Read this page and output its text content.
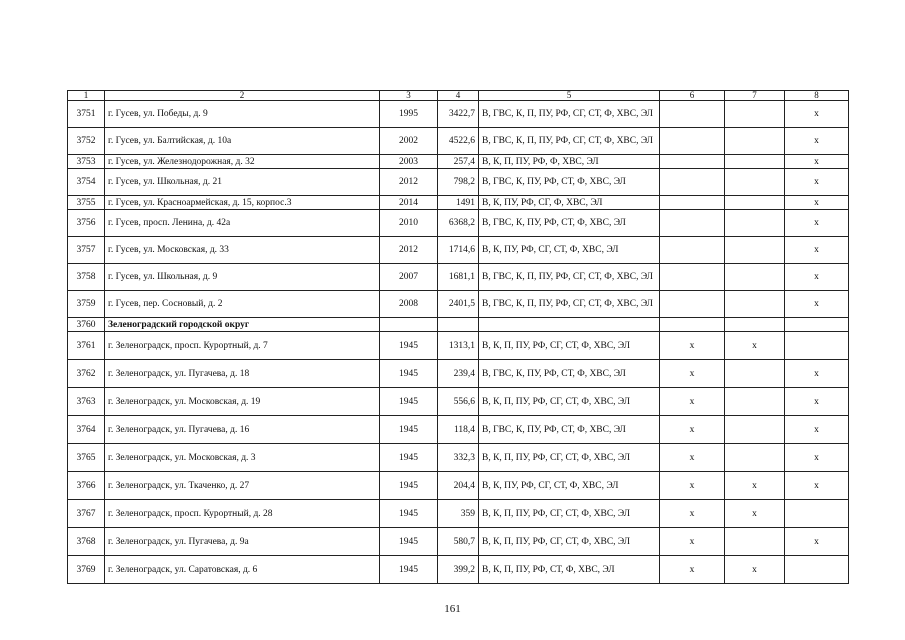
1	2	3	4	5	6	7	8
3751	г. Гусев, ул. Победы, д. 9	1995	3422,7	В, ГВС, К, П, ПУ, РФ, СГ, СТ, Ф, ХВС, ЭЛ			х
3752	г. Гусев, ул. Балтийская, д. 10а	2002	4522,6	В, ГВС, К, П, ПУ, РФ, СГ, СТ, Ф, ХВС, ЭЛ			х
3753	г. Гусев, ул. Железнодорожная, д. 32	2003	257,4	В, К, П, ПУ, РФ, Ф, ХВС, ЭЛ			х
3754	г. Гусев, ул. Школьная, д. 21	2012	798,2	В, ГВС, К, ПУ, РФ, СТ, Ф, ХВС, ЭЛ			х
3755	г. Гусев, ул. Красноармейская, д. 15, корпос.3	2014	1491	В, К, ПУ, РФ, СГ, Ф, ХВС, ЭЛ			х
3756	г. Гусев, просп. Ленина, д. 42а	2010	6368,2	В, ГВС, К, ПУ, РФ, СТ, Ф, ХВС, ЭЛ			х
3757	г. Гусев, ул. Московская, д. 33	2012	1714,6	В, К, ПУ, РФ, СГ, СТ, Ф, ХВС, ЭЛ			х
3758	г. Гусев, ул. Школьная, д. 9	2007	1681,1	В, ГВС, К, П, ПУ, РФ, СГ, СТ, Ф, ХВС, ЭЛ			х
3759	г. Гусев, пер. Сосновый, д. 2	2008	2401,5	В, ГВС, К, П, ПУ, РФ, СГ, СТ, Ф, ХВС, ЭЛ			х
3760	Зеленоградский городской округ						
3761	г. Зеленоградск, просп. Курортный, д. 7	1945	1313,1	В, К, П, ПУ, РФ, СГ, СТ, Ф, ХВС, ЭЛ	х	х	
3762	г. Зеленоградск, ул. Пугачева, д. 18	1945	239,4	В, ГВС, К, ПУ, РФ, СТ, Ф, ХВС, ЭЛ	х		х
3763	г. Зеленоградск, ул. Московская, д. 19	1945	556,6	В, К, П, ПУ, РФ, СГ, СТ, Ф, ХВС, ЭЛ	х		х
3764	г. Зеленоградск, ул. Пугачева, д. 16	1945	118,4	В, ГВС, К, ПУ, РФ, СТ, Ф, ХВС, ЭЛ	х		х
3765	г. Зеленоградск, ул. Московская, д. 3	1945	332,3	В, К, П, ПУ, РФ, СГ, СТ, Ф, ХВС, ЭЛ	х		х
3766	г. Зеленоградск, ул. Ткаченко, д. 27	1945	204,4	В, К, ПУ, РФ, СГ, СТ, Ф, ХВС, ЭЛ	х	х	х
3767	г. Зеленоградск, просп. Курортный, д. 28	1945	359	В, К, П, ПУ, РФ, СГ, СТ, Ф, ХВС, ЭЛ	х	х	
3768	г. Зеленоградск, ул. Пугачева, д. 9а	1945	580,7	В, К, П, ПУ, РФ, СГ, СТ, Ф, ХВС, ЭЛ	х		х
3769	г. Зеленоградск, ул. Саратовская, д. 6	1945	399,2	В, К, П, ПУ, РФ, СТ, Ф, ХВС, ЭЛ	х	х	
161
